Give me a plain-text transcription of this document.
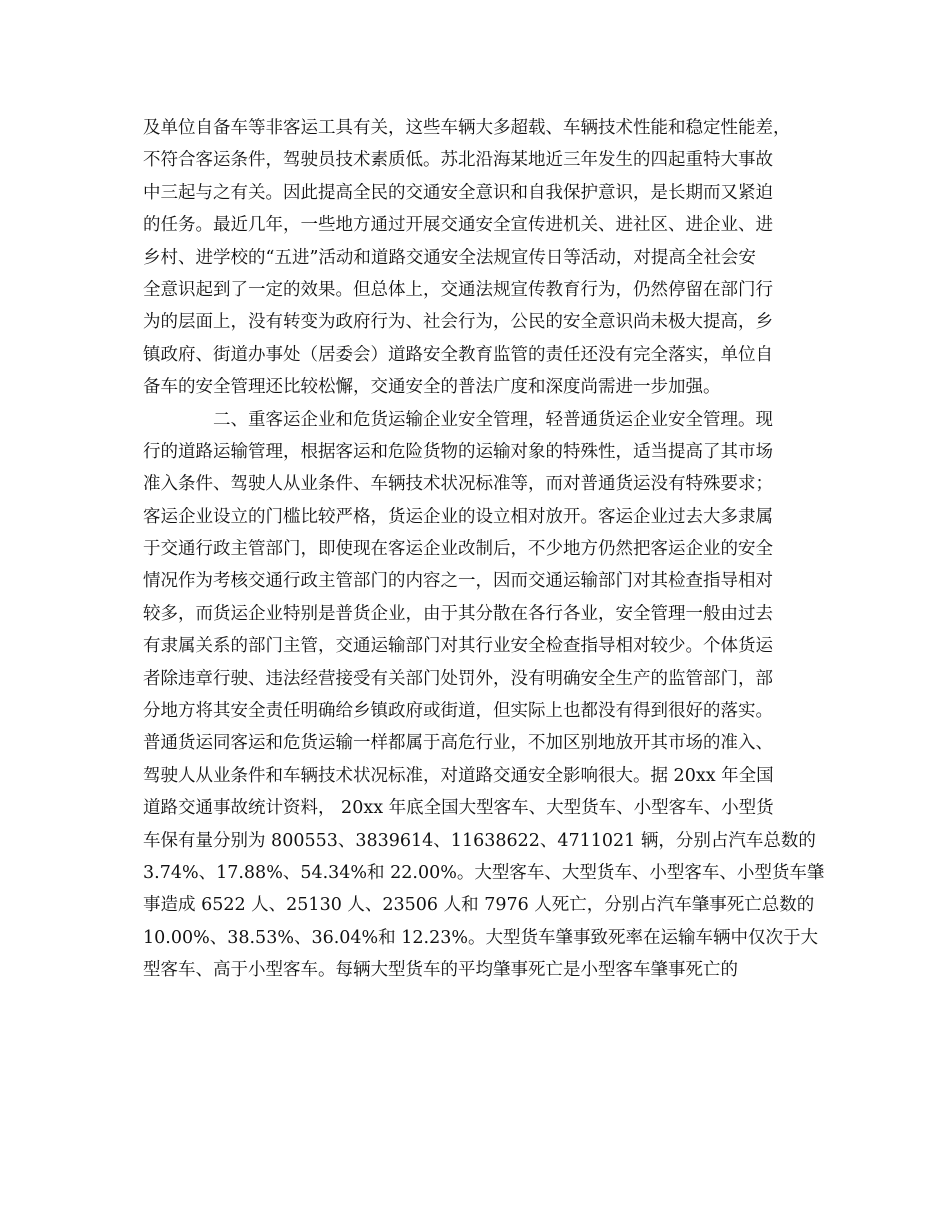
及单位自备车等非客运工具有关，这些车辆大多超载、车辆技术性能和稳定性能差，
不符合客运条件，驾驶员技术素质低。苏北沿海某地近三年发生的四起重特大事故
中三起与之有关。因此提高全民的交通安全意识和自我保护意识，是长期而又紧迫
的任务。最近几年，一些地方通过开展交通安全宣传进机关、进社区、进企业、进
乡村、进学校的“五进”活动和道路交通安全法规宣传日等活动，对提高全社会安
全意识起到了一定的效果。但总体上，交通法规宣传教育行为，仍然停留在部门行
为的层面上，没有转变为政府行为、社会行为，公民的安全意识尚未极大提高，乡
镇政府、街道办事处（居委会）道路安全教育监管的责任还没有完全落实，单位自
备车的安全管理还比较松懈，交通安全的普法广度和深度尚需进一步加强。
二、重客运企业和危货运输企业安全管理，轻普通货运企业安全管理。现
行的道路运输管理，根据客运和危险货物的运输对象的特殊性，适当提高了其市场
准入条件、驾驶人从业条件、车辆技术状况标准等，而对普通货运没有特殊要求；
客运企业设立的门槛比较严格，货运企业的设立相对放开。客运企业过去大多隶属
于交通行政主管部门，即使现在客运企业改制后，不少地方仍然把客运企业的安全
情况作为考核交通行政主管部门的内容之一，因而交通运输部门对其检查指导相对
较多，而货运企业特别是普货企业，由于其分散在各行各业，安全管理一般由过去
有隶属关系的部门主管，交通运输部门对其行业安全检查指导相对较少。个体货运
者除违章行驶、违法经营接受有关部门处罚外，没有明确安全生产的监管部门，部
分地方将其安全责任明确给乡镇政府或街道，但实际上也都没有得到很好的落实。
普通货运同客运和危货运输一样都属于高危行业，不加区别地放开其市场的准入、
驾驶人从业条件和车辆技术状况标准，对道路交通安全影响很大。据 20xx 年全国
道路交通事故统计资料， 20xx 年底全国大型客车、大型货车、小型客车、小型货
车保有量分别为 800553、3839614、11638622、4711021 辆，分别占汽车总数的
3.74%、17.88%、54.34%和 22.00%。大型客车、大型货车、小型客车、小型货车肇
事造成 6522 人、25130 人、23506 人和 7976 人死亡，分别占汽车肇事死亡总数的
10.00%、38.53%、36.04%和 12.23%。大型货车肇事致死率在运输车辆中仅次于大
型客车、高于小型客车。每辆大型货车的平均肇事死亡是小型客车肇事死亡的
